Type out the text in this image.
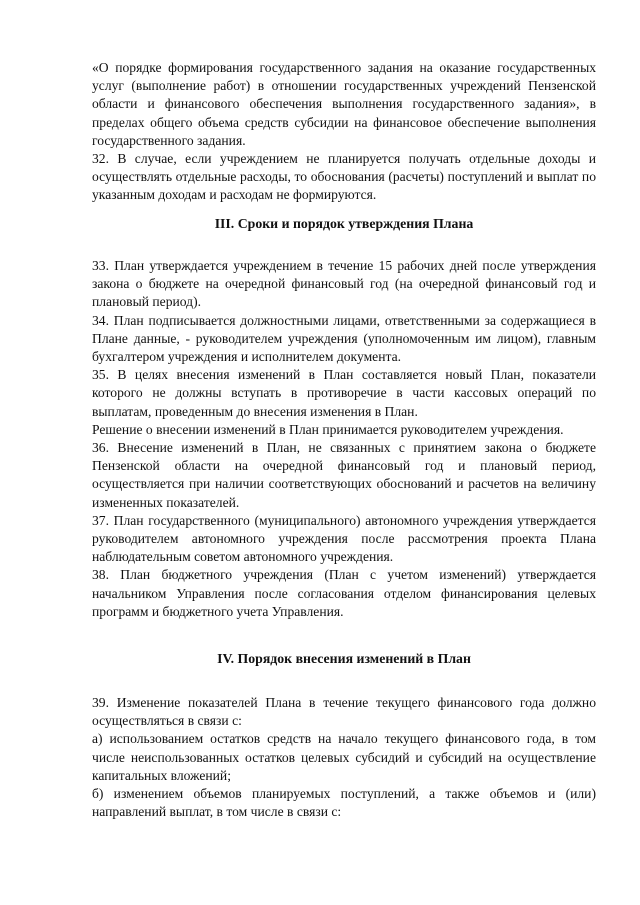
«О порядке формирования государственного задания на оказание государственных услуг (выполнение работ) в отношении государственных учреждений Пензенской области и финансового обеспечения выполнения государственного задания», в пределах общего объема средств субсидии на финансовое обеспечение выполнения государственного задания.

32. В случае, если учреждением не планируется получать отдельные доходы и осуществлять отдельные расходы, то обоснования (расчеты) поступлений и выплат по указанным доходам и расходам не формируются.

III. Сроки и порядок утверждения Плана

33. План утверждается учреждением в течение 15 рабочих дней после утверждения закона о бюджете на очередной финансовый год (на очередной финансовый год и плановый период).

34. План подписывается должностными лицами, ответственными за содержащиеся в Плане данные, - руководителем учреждения (уполномоченным им лицом), главным бухгалтером учреждения и исполнителем документа.

35. В целях внесения изменений в План составляется новый План, показатели которого не должны вступать в противоречие в части кассовых операций по выплатам, проведенным до внесения изменения в План.

Решение о внесении изменений в План принимается руководителем учреждения.

36. Внесение изменений в План, не связанных с принятием закона о бюджете Пензенской области на очередной финансовый год и плановый период, осуществляется при наличии соответствующих обоснований и расчетов на величину измененных показателей.

37. План государственного (муниципального) автономного учреждения утверждается руководителем автономного учреждения после рассмотрения проекта Плана наблюдательным советом автономного учреждения.

38. План бюджетного учреждения (План с учетом изменений) утверждается начальником Управления после согласования отделом финансирования целевых программ и бюджетного учета Управления.

IV. Порядок внесения изменений в План

39. Изменение показателей Плана в течение текущего финансового года должно осуществляться в связи с:

а) использованием остатков средств на начало текущего финансового года, в том числе неиспользованных остатков целевых субсидий и субсидий на осуществление капитальных вложений;

б) изменением объемов планируемых поступлений, а также объемов и (или) направлений выплат, в том числе в связи с:
